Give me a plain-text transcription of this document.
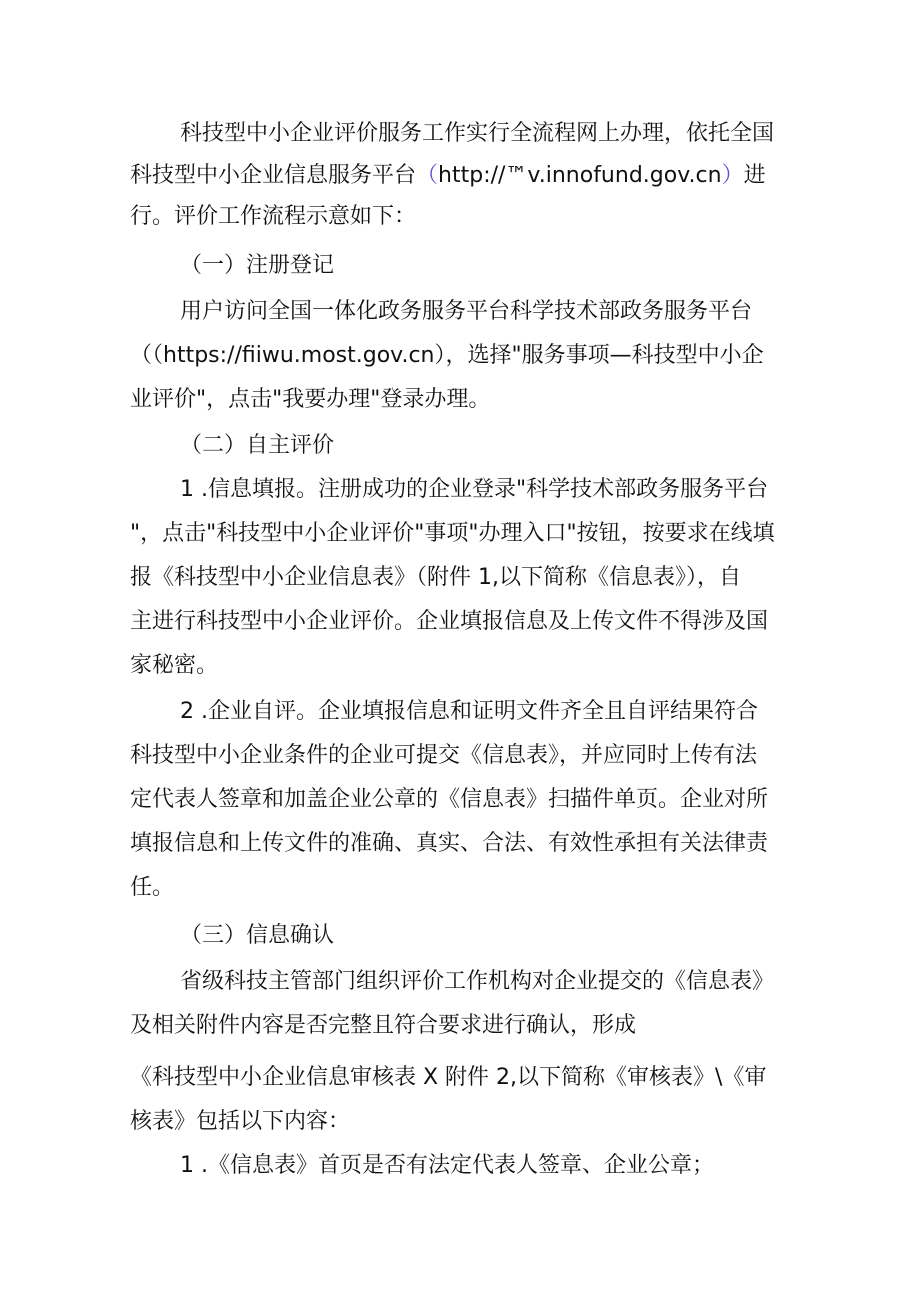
科技型中小企业评价服务工作实行全流程网上办理，依托全国
科技型中小企业信息服务平台（http://™v.innofund.gov.cn）进
行。评价工作流程示意如下：
（一）注册登记
用户访问全国一体化政务服务平台科学技术部政务服务平台
（（https://fiiwu.most.gov.cn），选择"服务事项—科技型中小企
业评价"，点击"我要办理"登录办理。
（二）自主评价
1 .信息填报。注册成功的企业登录"科学技术部政务服务平台
"，点击"科技型中小企业评价"事项"办理入口"按钮，按要求在线填
报《科技型中小企业信息表》（附件 1,以下简称《信息表》），自
主进行科技型中小企业评价。企业填报信息及上传文件不得涉及国
家秘密。
2 .企业自评。企业填报信息和证明文件齐全且自评结果符合
科技型中小企业条件的企业可提交《信息表》，并应同时上传有法
定代表人签章和加盖企业公章的《信息表》扫描件单页。企业对所
填报信息和上传文件的准确、真实、合法、有效性承担有关法律责
任。
（三）信息确认
省级科技主管部门组织评价工作机构对企业提交的《信息表》
及相关附件内容是否完整且符合要求进行确认，形成
《科技型中小企业信息审核表 X 附件 2,以下简称《审核表》\《审
核表》包括以下内容：
1 .《信息表》首页是否有法定代表人签章、企业公章；
